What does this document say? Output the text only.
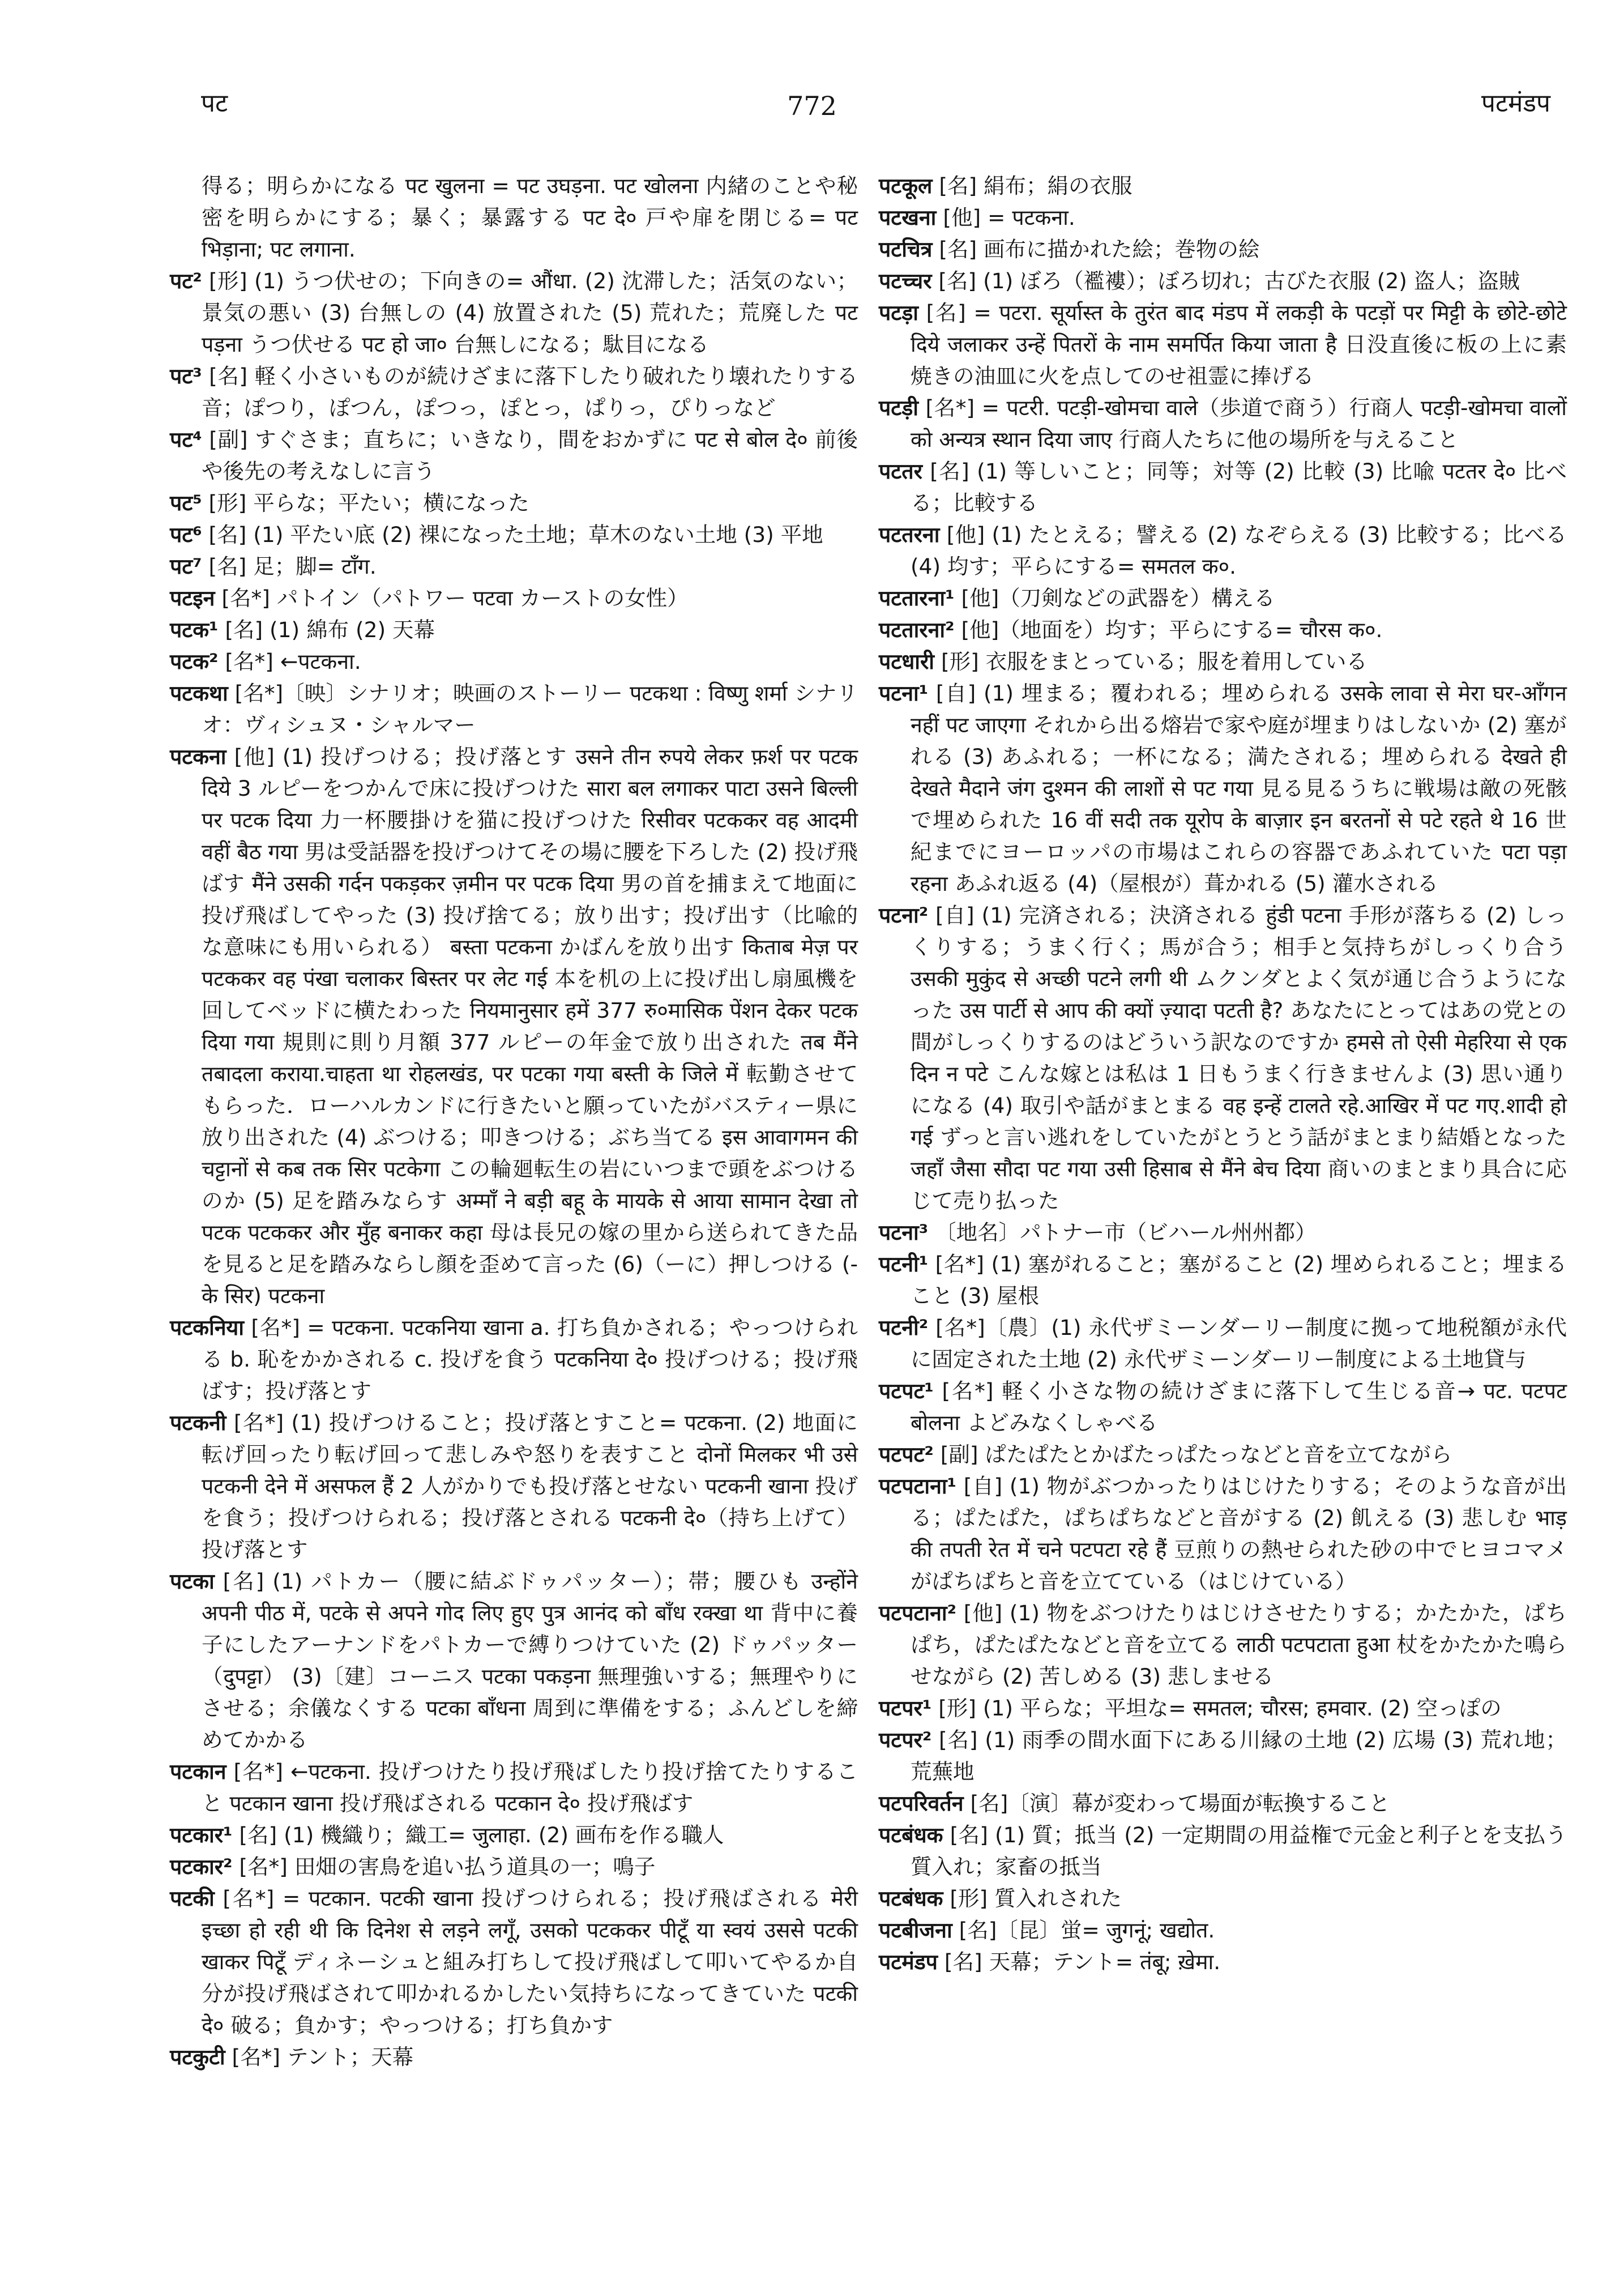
पट	772	पटमंडप
得る；明らかになる पट खुलना = पट उघड़ना. पट खोलना 内緒のことや秘密を明らかにする；暴く；暴露する पट दे० 戸や扉を閉じる= पट भिड़ाना; पट लगाना.
पट² [形] (1) うつ伏せの；下向きの= औंधा. (2) 沈滞した；活気のない；景気の悪い (3) 台無しの (4) 放置された (5) 荒れた；荒廃した पट पड़ना うつ伏せる पट हो जा० 台無しになる；駄目になる
पट³ [名] 軽く小さいものが続けざまに落下したり破れたり壊れたりする音；ぽつり，ぽつん，ぽつっ，ぽとっ，ぱりっ，ぴりっなど
पट⁴ [副] すぐさま；直ちに；いきなり，間をおかずに पट से बोल दे० 前後や後先の考えなしに言う
पट⁵ [形] 平らな；平たい；横になった
पट⁶ [名] (1) 平たい底 (2) 裸になった土地；草木のない土地 (3) 平地
पट⁷ [名] 足；脚= टाँग.
पटइन [名*] パトイン（パトワー पटवा カーストの女性）
पटक¹ [名] (1) 綿布 (2) 天幕
पटक² [名*] ←पटकना.
पटकथा [名*]〔映〕シナリオ；映画のストーリー पटकथा : विष्णु शर्मा シナリオ：ヴィシュヌ・シャルマー
पटकना [他] (1) 投げつける；投げ落とす उसने तीन रुपये लेकर फ़र्श पर पटक दिये 3 ルピーをつかんで床に投げつけた सारा बल लगाकर पाटा उसने बिल्ली पर पटक दिया 力一杯腰掛けを猫に投げつけた रिसीवर पटककर वह आदमी वहीं बैठ गया 男は受話器を投げつけてその場に腰を下ろした (2) 投げ飛ばす मैंने उसकी गर्दन पकड़कर ज़मीन पर पटक दिया 男の首を捕まえて地面に投げ飛ばしてやった (3) 投げ捨てる；放り出す；投げ出す（比喩的な意味にも用いられる） बस्ता पटकना かばんを放り出す किताब मेज़ पर पटककर वह पंखा चलाकर बिस्तर पर लेट गई 本を机の上に投げ出し扇風機を回してベッドに横たわった नियमानुसार हमें 377 रु०मासिक पेंशन देकर पटक दिया गया 規則に則り月額 377 ルピーの年金で放り出された तब मैंने तबादला कराया.चाहता था रोहलखंड, पर पटका गया बस्ती के जिले में 転勤させてもらった．ローハルカンドに行きたいと願っていたがバスティー県に放り出された (4) ぶつける；叩きつける；ぶち当てる इस आवागमन की चट्टानों से कब तक सिर पटकेगा この輪廻転生の岩にいつまで頭をぶつけるのか (5) 足を踏みならす अम्माँ ने बड़ी बहू के मायके से आया सामान देखा तो पटक पटककर और मुँह बनाकर कहा 母は長兄の嫁の里から送られてきた品を見ると足を踏みならし顔を歪めて言った (6)（ーに）押しつける (-के सिर) पटकना
पटकनिया [名*] = पटकना. पटकनिया खाना a. 打ち負かされる；やっつけられる b. 恥をかかされる c. 投げを食う पटकनिया दे० 投げつける；投げ飛ばす；投げ落とす
पटकनी [名*] (1) 投げつけること；投げ落とすこと= पटकना. (2) 地面に転げ回ったり転げ回って悲しみや怒りを表すこと दोनों मिलकर भी उसे पटकनी देने में असफल हैं 2 人がかりでも投げ落とせない पटकनी खाना 投げを食う；投げつけられる；投げ落とされる पटकनी दे०（持ち上げて）投げ落とす
पटका [名] (1) パトカー（腰に結ぶドゥパッター）；帯；腰ひも उन्होंने अपनी पीठ में, पटके से अपने गोद लिए हुए पुत्र आनंद को बाँध रक्खा था 背中に養子にしたアーナンドをパトカーで縛りつけていた (2) ドゥパッター（दुपट्टा） (3)〔建〕コーニス पटका पकड़ना 無理強いする；無理やりにさせる；余儀なくする पटका बाँधना 周到に準備をする；ふんどしを締めてかかる
पटकान [名*] ←पटकना. 投げつけたり投げ飛ばしたり投げ捨てたりすること पटकान खाना 投げ飛ばされる पटकान दे० 投げ飛ばす
पटकार¹ [名] (1) 機織り；織工= जुलाहा. (2) 画布を作る職人
पटकार² [名*] 田畑の害鳥を追い払う道具の一；鳴子
पटकी [名*] = पटकान. पटकी खाना 投げつけられる；投げ飛ばされる मेरी इच्छा हो रही थी कि दिनेश से लड़ने लगूँ, उसको पटककर पीटूँ या स्वयं उससे पटकी खाकर पिटूँ ディネーシュと組み打ちして投げ飛ばして叩いてやるか自分が投げ飛ばされて叩かれるかしたい気持ちになってきていた पटकी दे० 破る；負かす；やっつける；打ち負かす
पटकुटी [名*] テント；天幕
पटकूल [名] 絹布；絹の衣服
पटखना [他] = पटकना.
पटचित्र [名] 画布に描かれた絵；巻物の絵
पटच्चर [名] (1) ぼろ（襤褸）；ぼろ切れ；古びた衣服 (2) 盗人；盗賊
पटड़ा [名] = पटरा. सूर्यास्त के तुरंत बाद मंडप में लकड़ी के पटड़ों पर मिट्टी के छोटे-छोटे दिये जलाकर उन्हें पितरों के नाम समर्पित किया जाता है 日没直後に板の上に素焼きの油皿に火を点してのせ祖霊に捧げる
पटड़ी [名*] = पटरी. पटड़ी-खोमचा वाले（歩道で商う）行商人 पटड़ी-खोमचा वालों को अन्यत्र स्थान दिया जाए 行商人たちに他の場所を与えること
पटतर [名] (1) 等しいこと；同等；対等 (2) 比較 (3) 比喩 पटतर दे० 比べる；比較する
पटतरना [他] (1) たとえる；譬える (2) なぞらえる (3) 比較する；比べる (4) 均す；平らにする= समतल क०.
पटतारना¹ [他]（刀剣などの武器を）構える
पटतारना² [他]（地面を）均す；平らにする= चौरस क०.
पटधारी [形] 衣服をまとっている；服を着用している
पटना¹ [自] (1) 埋まる；覆われる；埋められる उसके लावा से मेरा घर-आँगन नहीं पट जाएगा それから出る熔岩で家や庭が埋まりはしないか (2) 塞がれる (3) あふれる；一杯になる；満たされる；埋められる देखते ही देखते मैदाने जंग दुश्मन की लाशों से पट गया 見る見るうちに戦場は敵の死骸で埋められた 16 वीं सदी तक यूरोप के बाज़ार इन बरतनों से पटे रहते थे 16 世紀までにヨーロッパの市場はこれらの容器であふれていた पटा पड़ा रहना あふれ返る (4)（屋根が）葺かれる (5) 灌水される
पटना² [自] (1) 完済される；決済される हुंडी पटना 手形が落ちる (2) しっくりする；うまく行く；馬が合う；相手と気持ちがしっくり合う उसकी मुकुंद से अच्छी पटने लगी थी ムクンダとよく気が通じ合うようになった उस पार्टी से आप की क्यों ज़्यादा पटती है? あなたにとってはあの党との間がしっくりするのはどういう訳なのですか हमसे तो ऐसी मेहरिया से एक दिन न पटे こんな嫁とは私は 1 日もうまく行きませんよ (3) 思い通りになる (4) 取引や話がまとまる वह इन्हें टालते रहे.आखिर में पट गए.शादी हो गई ずっと言い逃れをしていたがとうとう話がまとまり結婚となった जहाँ जैसा सौदा पट गया उसी हिसाब से मैंने बेच दिया 商いのまとまり具合に応じて売り払った
पटना³ 〔地名〕パトナー市（ビハール州州都）
पटनी¹ [名*] (1) 塞がれること；塞がること (2) 埋められること；埋まること (3) 屋根
पटनी² [名*]〔農〕(1) 永代ザミーンダーリー制度に拠って地税額が永代に固定された土地 (2) 永代ザミーンダーリー制度による土地貸与
पटपट¹ [名*] 軽く小さな物の続けざまに落下して生じる音→ पट. पटपट बोलना よどみなくしゃべる
पटपट² [副] ぱたぱたとかばたっぱたっなどと音を立てながら
पटपटाना¹ [自] (1) 物がぶつかったりはじけたりする；そのような音が出る；ぱたぱた，ぱちぱちなどと音がする (2) 飢える (3) 悲しむ भाड़ की तपती रेत में चने पटपटा रहे हैं 豆煎りの熱せられた砂の中でヒヨコマメがぱちぱちと音を立てている（はじけている）
पटपटाना² [他] (1) 物をぶつけたりはじけさせたりする；かたかた，ぱちぱち，ぱたぱたなどと音を立てる लाठी पटपटाता हुआ 杖をかたかた鳴らせながら (2) 苦しめる (3) 悲しませる
पटपर¹ [形] (1) 平らな；平坦な= समतल; चौरस; हमवार. (2) 空っぽの
पटपर² [名] (1) 雨季の間水面下にある川縁の土地 (2) 広場 (3) 荒れ地；荒蕪地
पटपरिवर्तन [名]〔演〕幕が変わって場面が転換すること
पटबंधक [名] (1) 質；抵当 (2) 一定期間の用益権で元金と利子とを支払う質入れ；家畜の抵当
पटबंधक [形] 質入れされた
पटबीजना [名]〔昆〕蛍= जुगनूं; खद्योत.
पटमंडप [名] 天幕；テント= तंबू; ख़ेमा.
